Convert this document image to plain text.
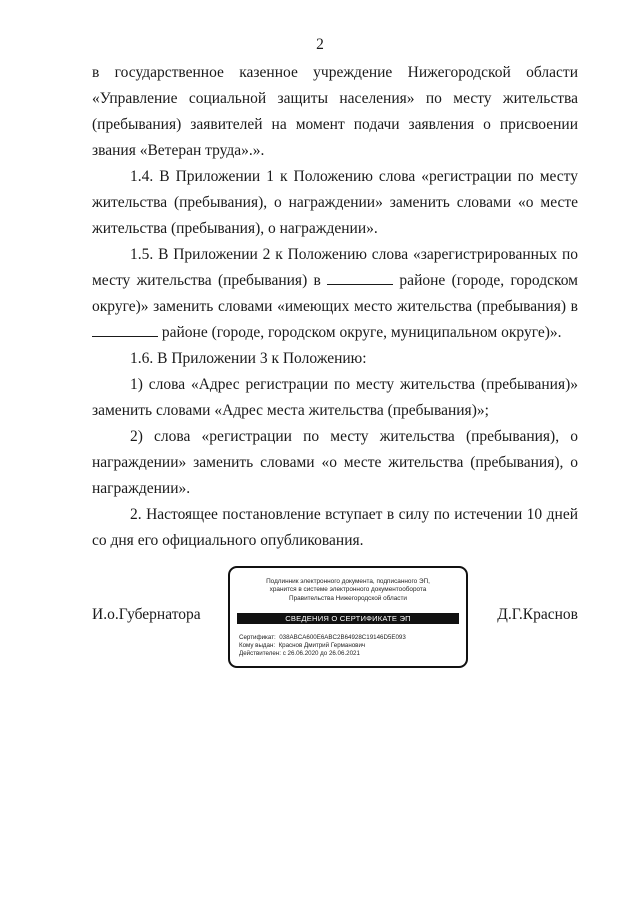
2

в государственное казенное учреждение Нижегородской области «Управление социальной защиты населения» по месту жительства (пребывания) заявителей на момент подачи заявления о присвоении звания «Ветеран труда».».

1.4. В Приложении 1 к Положению слова «регистрации по месту жительства (пребывания), о награждении» заменить словами «о месте жительства (пребывания), о награждении».

1.5. В Приложении 2 к Положению слова «зарегистрированных по месту жительства (пребывания) в	районе (городе, городском округе)» заменить словами «имеющих место жительства (пребывания) в  районе (городе, городском округе, муниципальном округе)».

1.6. В Приложении 3 к Положению:

1) слова «Адрес регистрации по месту жительства (пребывания)» заменить словами «Адрес места жительства (пребывания)»;

2) слова «регистрации по месту жительства (пребывания), о награждении» заменить словами «о месте жительства (пребывания), о награждении».

2. Настоящее постановление вступает в силу по истечении 10 дней со дня его официального опубликования.

И.о.Губернатора
Подлинник электронного документа, подписанного ЭП,
хранится в системе электронного документооборота
Правительства Нижегородской области
СВЕДЕНИЯ О СЕРТИФИКАТЕ ЭП
Сертификат: 038ABCA600E6ABC2B64928C19146D5E093
Кому выдан: Краснов Дмитрий Германович
Действителен: с 26.06.2020 до 26.06.2021
Д.Г.Краснов
